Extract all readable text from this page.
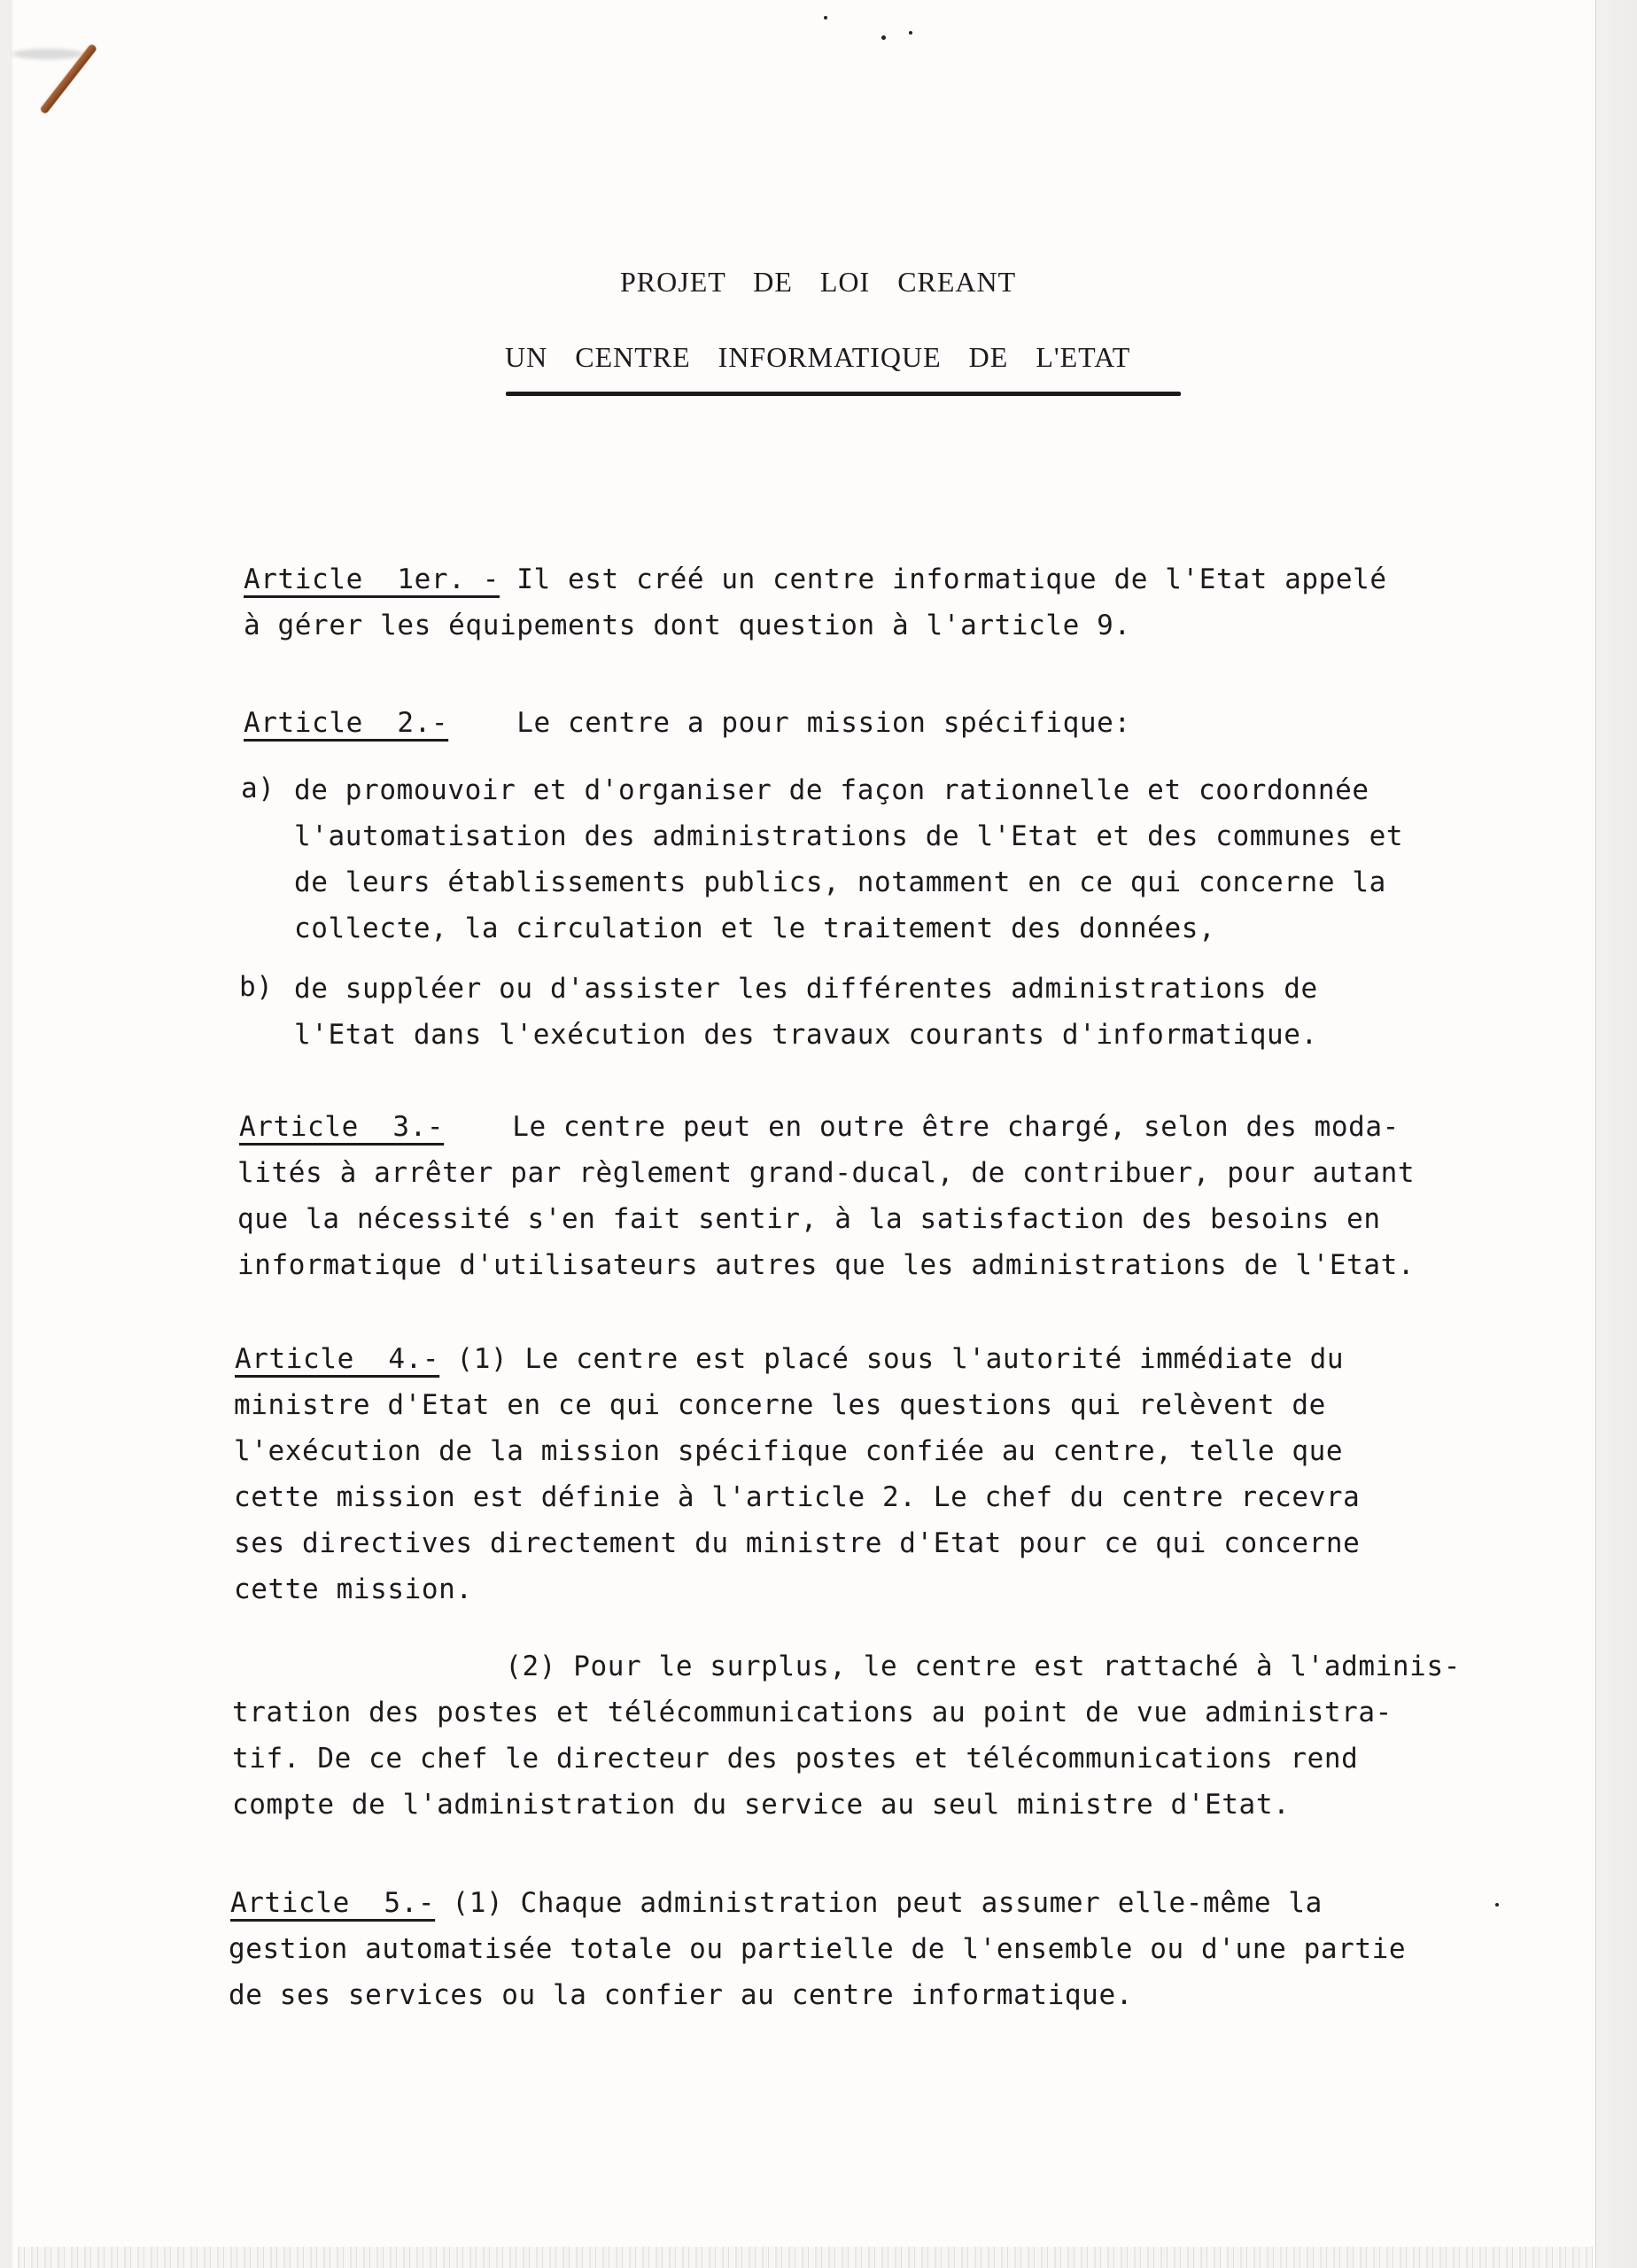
PROJET DE LOI CREANT
UN CENTRE INFORMATIQUE DE L'ETAT
Article  1er. - Il est créé un centre informatique de l'Etat appelé
à gérer les équipements dont question à l'article 9.
Article  2.-    Le centre a pour mission spécifique:
a) de promouvoir et d'organiser de façon rationnelle et coordonnée
l'automatisation des administrations de l'Etat et des communes et
de leurs établissements publics, notamment en ce qui concerne la
collecte, la circulation et le traitement des données,
b) de suppléer ou d'assister les différentes administrations de
l'Etat dans l'exécution des travaux courants d'informatique.
Article  3.-    Le centre peut en outre être chargé, selon des moda-
lités à arrêter par règlement grand-ducal, de contribuer, pour autant
que la nécessité s'en fait sentir, à la satisfaction des besoins en
informatique d'utilisateurs autres que les administrations de l'Etat.
Article  4.- (1) Le centre est placé sous l'autorité immédiate du
ministre d'Etat en ce qui concerne les questions qui relèvent de
l'exécution de la mission spécifique confiée au centre, telle que
cette mission est définie à l'article 2. Le chef du centre recevra
ses directives directement du ministre d'Etat pour ce qui concerne
cette mission.
(2) Pour le surplus, le centre est rattaché à l'adminis-
tration des postes et télécommunications au point de vue administra-
tif. De ce chef le directeur des postes et télécommunications rend
compte de l'administration du service au seul ministre d'Etat.
Article  5.- (1) Chaque administration peut assumer elle-même la
gestion automatisée totale ou partielle de l'ensemble ou d'une partie
de ses services ou la confier au centre informatique.
